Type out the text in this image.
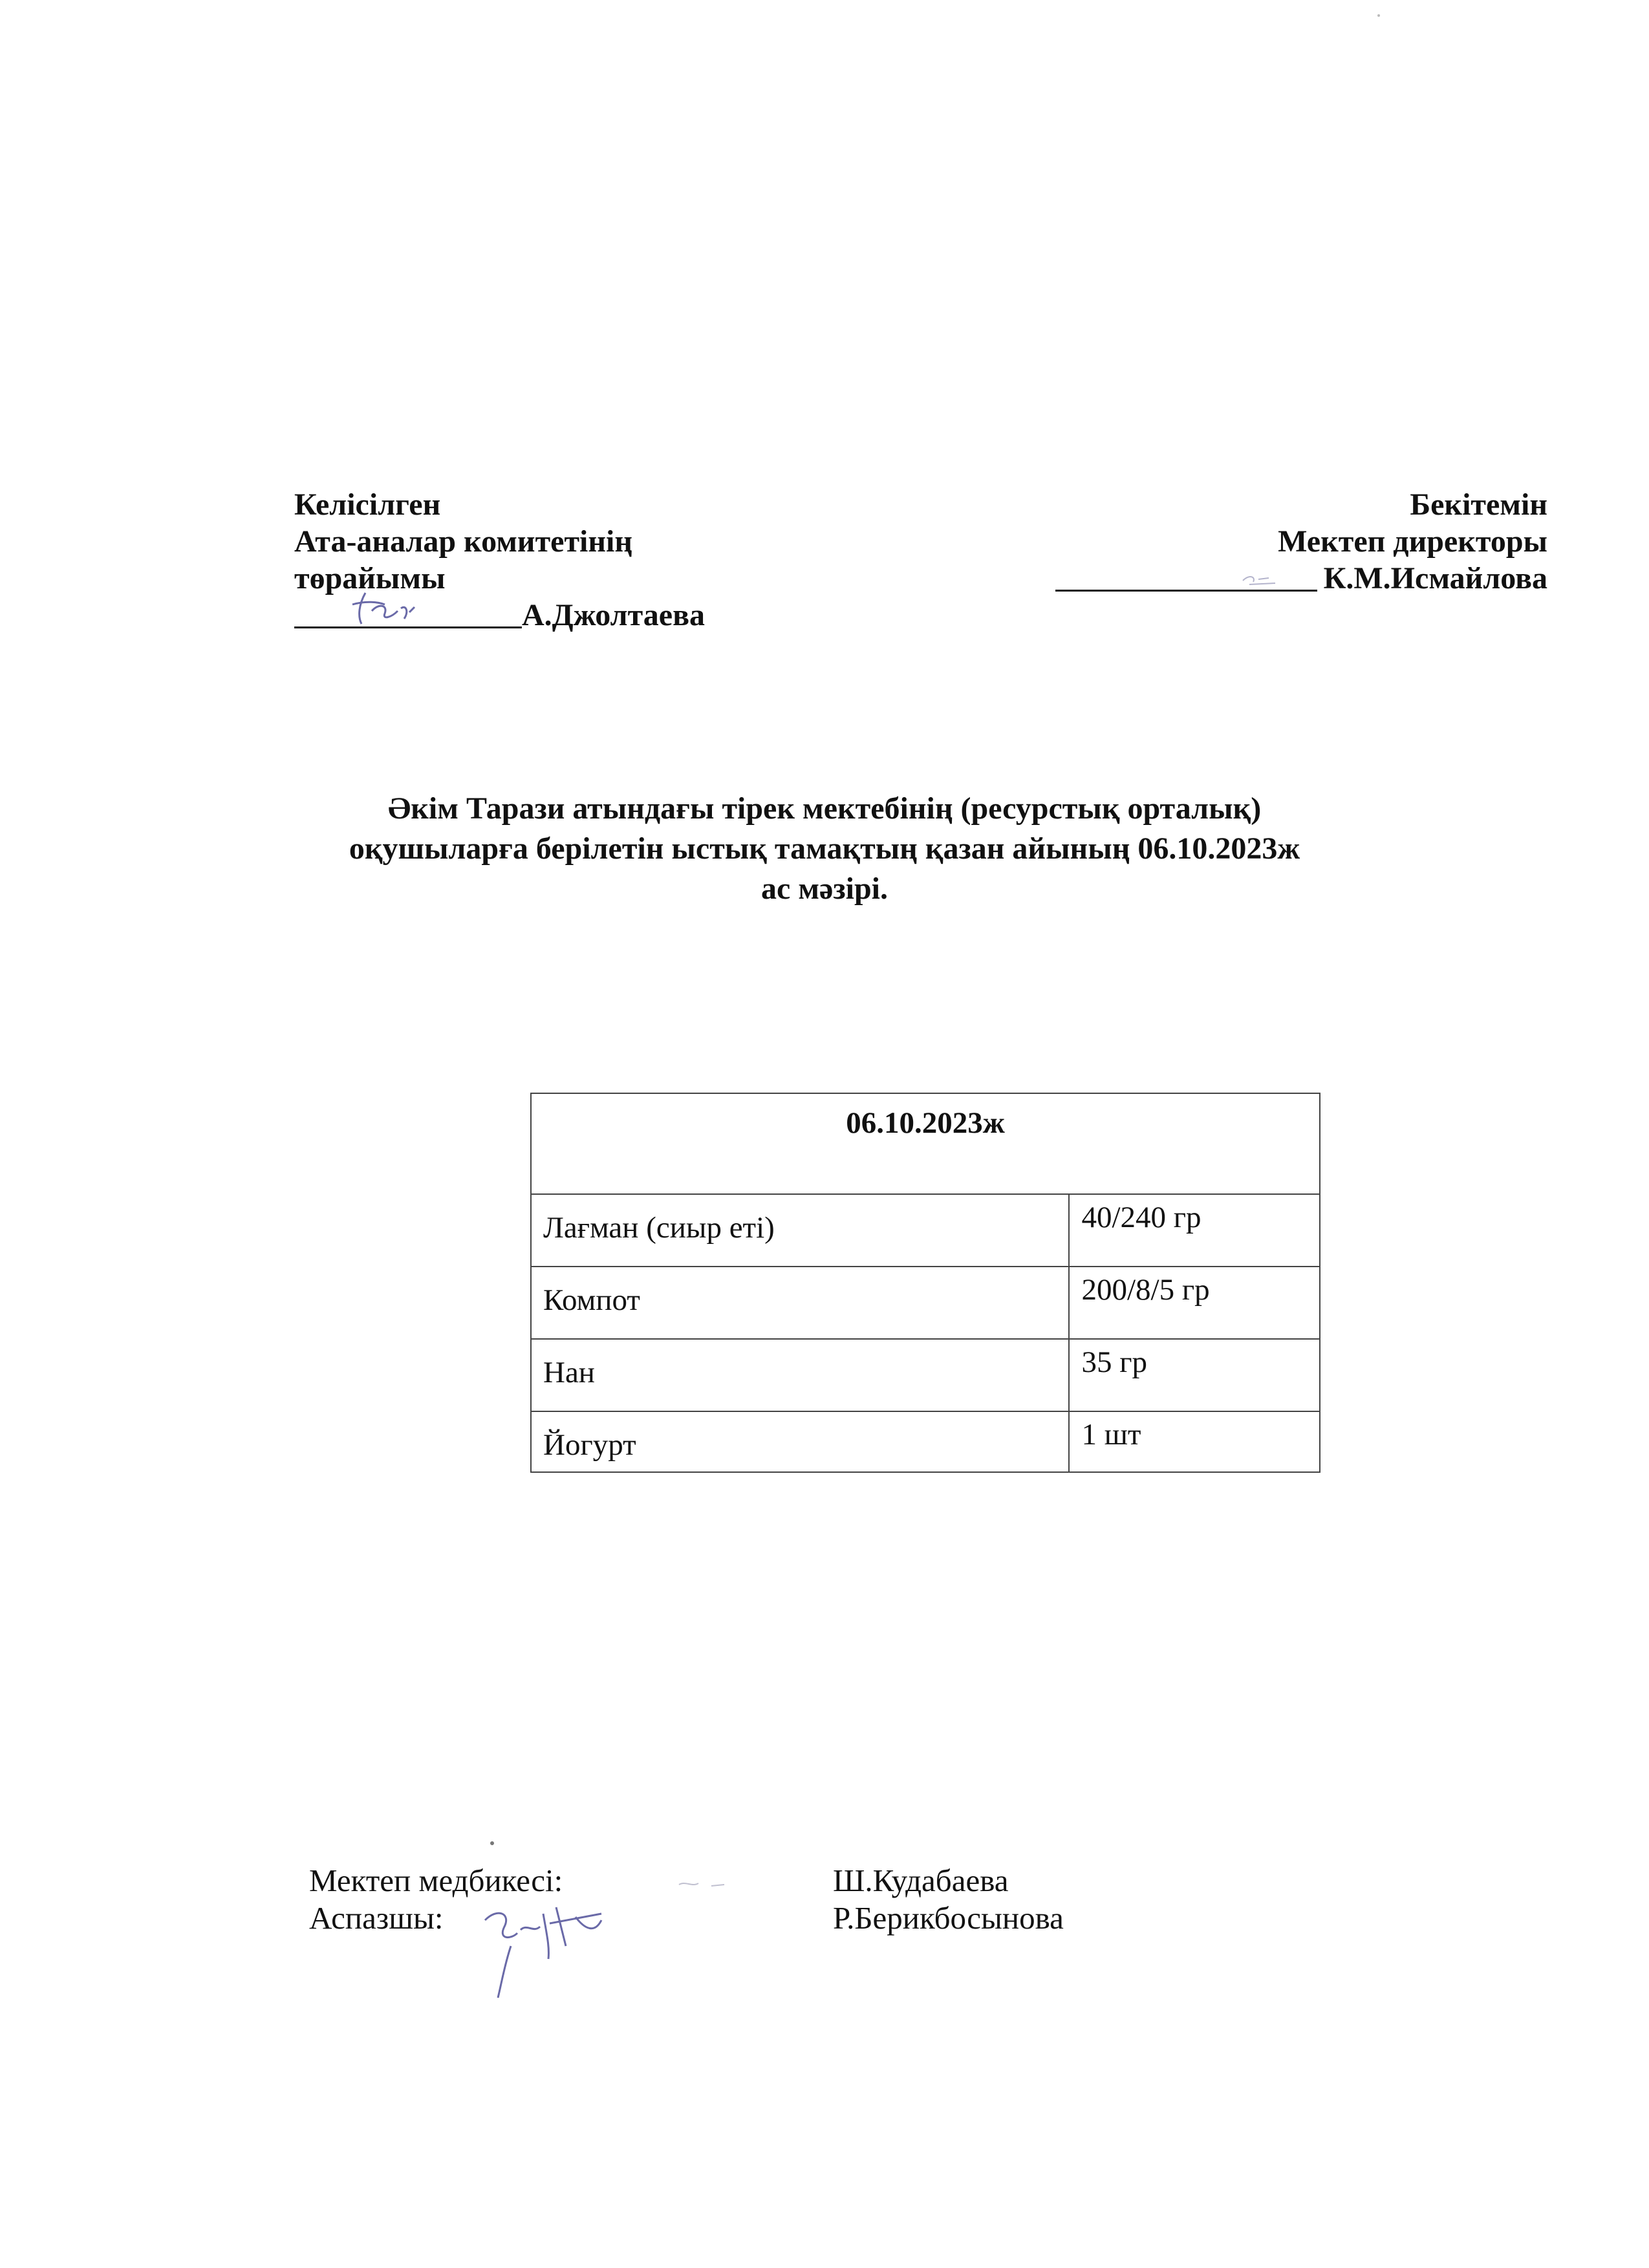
Келісілген
Ата-аналар комитетінің
төрайымы
А.Джолтаева
Бекітемін
Мектеп директоры
К.М.Исмайлова
Әкім Тарази атындағы тірек мектебінің (ресурстық орталық)
оқушыларға берілетін ыстық тамақтың қазан айының 06.10.2023ж
ас мәзірі.
06.10.2023ж	
Лағман (сиыр еті)	40/240 гр
Компот	200/8/5 гр
Нан	35 гр
Йогурт	1 шт
Мектеп медбикесі:	Ш.Кудабаева
Аспазшы:	Р.Берикбосынова
